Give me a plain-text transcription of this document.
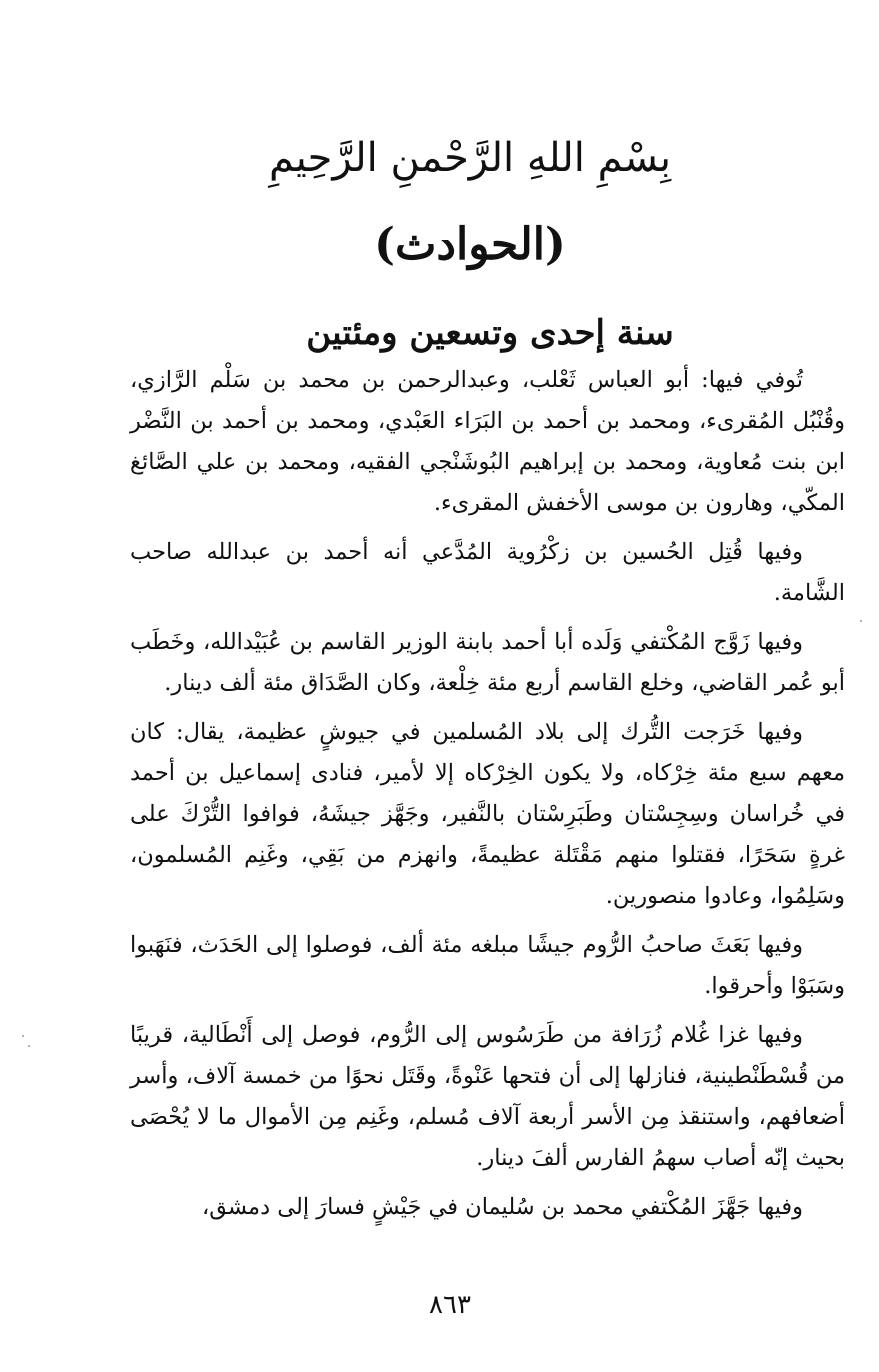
بِسْمِ اللهِ الرَّحْمنِ الرَّحِيمِ
(الحوادث)
سنة إحدى وتسعين ومئتين

تُوفي فيها: أبو العباس ثَعْلب، وعبدالرحمن بن محمد بن سَلْم الرَّازي، وقُنْبُل المُقرىء، ومحمد بن أحمد بن البَرَاء العَبْدي، ومحمد بن أحمد بن النَّضْر ابن بنت مُعاوية، ومحمد بن إبراهيم البُوشَنْجي الفقيه، ومحمد بن علي الصَّائغ المكّي، وهارون بن موسى الأخفش المقرىء.

وفيها قُتِل الحُسين بن زكْرُوية المُدَّعي أنه أحمد بن عبدالله صاحب الشَّامة.

وفيها زَوَّج المُكْتفي وَلَده أبا أحمد بابنة الوزير القاسم بن عُبَيْدالله، وخَطَب أبو عُمر القاضي، وخلع القاسم أربع مئة خِلْعة، وكان الصَّدَاق مئة ألف دينار.

وفيها خَرَجت التُّرك إلى بلاد المُسلمين في جيوشٍ عظيمة، يقال: كان معهم سبع مئة خِرْكاه، ولا يكون الخِرْكاه إلا لأمير، فنادى إسماعيل بن أحمد في خُراسان وسِجِسْتان وطَبَرِسْتان بالنَّفير، وجَهَّز جيشَهُ، فوافوا التُّرْكَ على غرةٍ سَحَرًا، فقتلوا منهم مَقْتَلة عظيمةً، وانهزم من بَقِي، وغَنِم المُسلمون، وسَلِمُوا، وعادوا منصورين.

وفيها بَعَثَ صاحبُ الرُّوم جيشًا مبلغه مئة ألف، فوصلوا إلى الحَدَث، فنَهَبوا وسَبَوْا وأحرقوا.

وفيها غزا غُلام زُرَافة من طَرَسُوس إلى الرُّوم، فوصل إلى أَنْطَالية، قريبًا من قُسْطَنْطينية، فنازلها إلى أن فتحها عَنْوةً، وقَتَل نحوًا من خمسة آلاف، وأسر أضعافهم، واستنقذ مِن الأسر أربعة آلاف مُسلم، وغَنِم مِن الأموال ما لا يُحْصَى بحيث إنّه أصاب سهمُ الفارس ألفَ دينار.

وفيها جَهَّزَ المُكْتفي محمد بن سُليمان في جَيْشٍ فسارَ إلى دمشق،

٨٦٣
